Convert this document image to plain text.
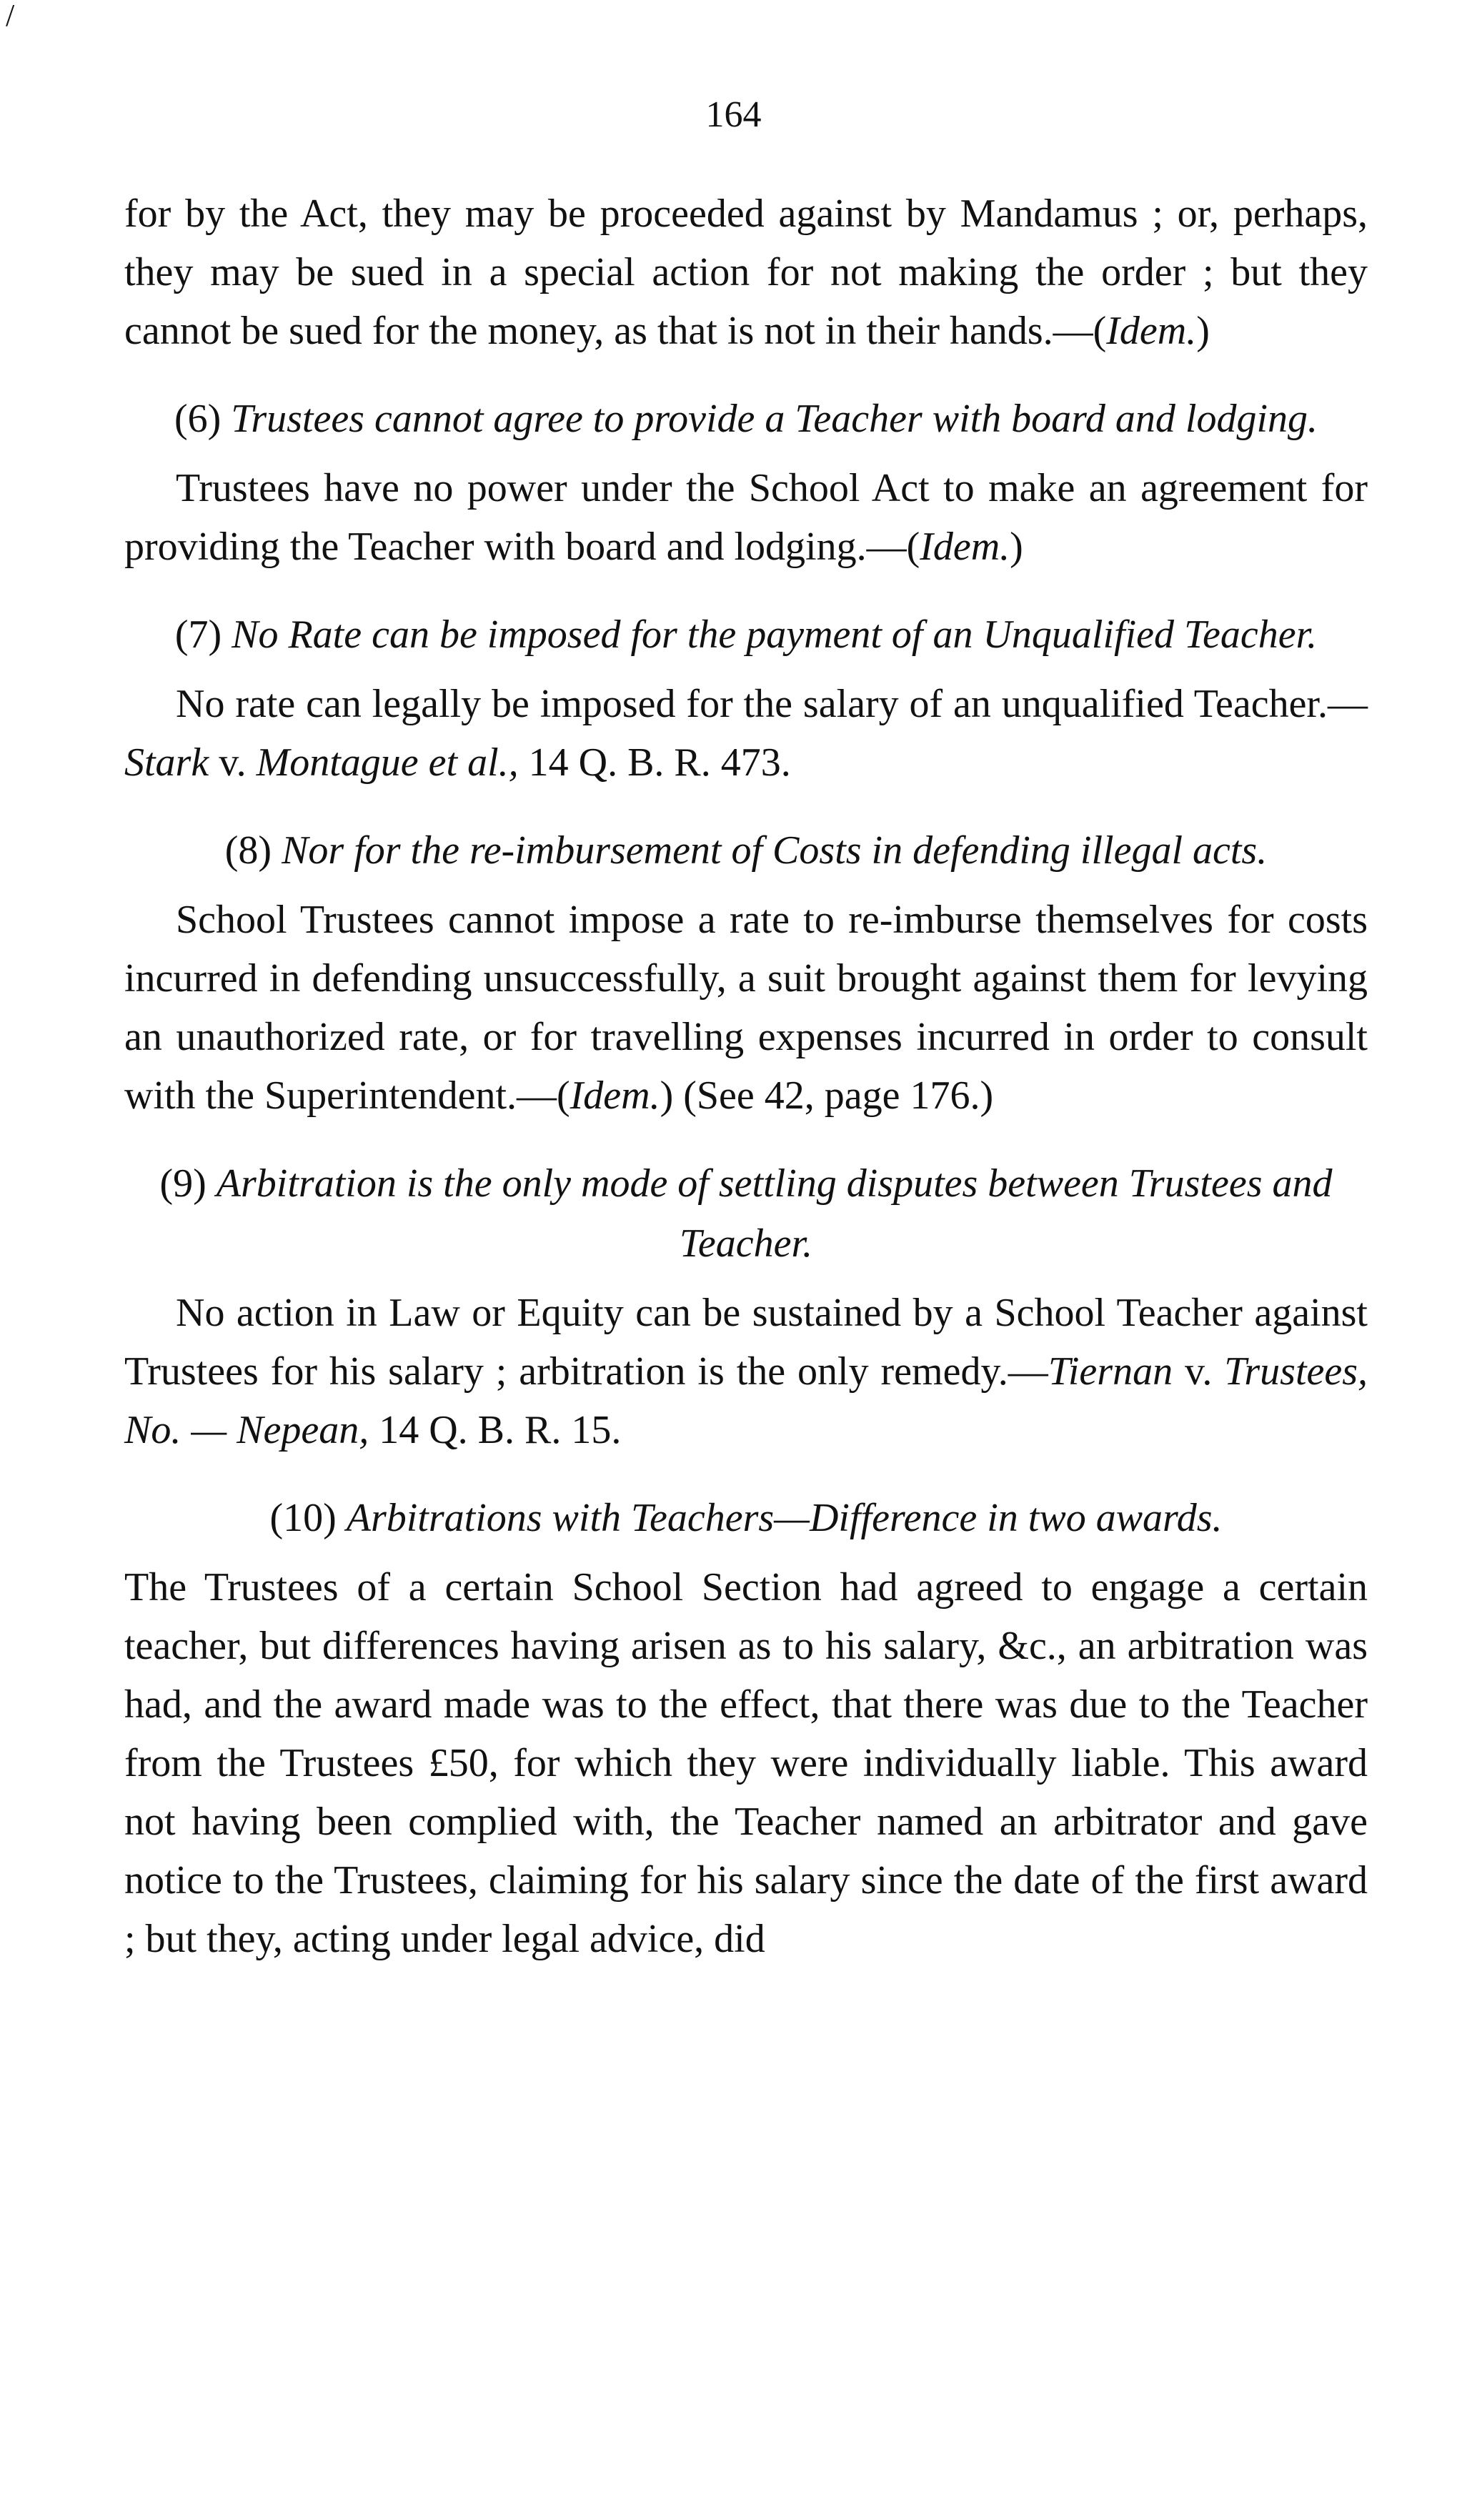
/
164

for by the Act, they may be proceeded against by Mandamus ; or, perhaps, they may be sued in a special action for not making the order ; but they cannot be sued for the money, as that is not in their hands.—(Idem.)

(6) Trustees cannot agree to provide a Teacher with board and lodging.

Trustees have no power under the School Act to make an agreement for providing the Teacher with board and lodging.—(Idem.)

(7) No Rate can be imposed for the payment of an Unqualified Teacher.

No rate can legally be imposed for the salary of an unqualified Teacher.—Stark v. Montague et al., 14 Q. B. R. 473.

(8) Nor for the re-imbursement of Costs in defending illegal acts.

School Trustees cannot impose a rate to re-imburse themselves for costs incurred in defending unsuccessfully, a suit brought against them for levying an unauthorized rate, or for travelling expenses incurred in order to consult with the Superintendent.—(Idem.) (See 42, page 176.)

(9) Arbitration is the only mode of settling disputes between Trustees and Teacher.

No action in Law or Equity can be sustained by a School Teacher against Trustees for his salary ; arbitration is the only remedy.—Tiernan v. Trustees, No. — Nepean, 14 Q. B. R. 15.

(10) Arbitrations with Teachers—Difference in two awards.

The Trustees of a certain School Section had agreed to engage a certain teacher, but differences having arisen as to his salary, &c., an arbitration was had, and the award made was to the effect, that there was due to the Teacher from the Trustees £50, for which they were individually liable. This award not having been complied with, the Teacher named an arbitrator and gave notice to the Trustees, claiming for his salary since the date of the first award ; but they, acting under legal advice, did
